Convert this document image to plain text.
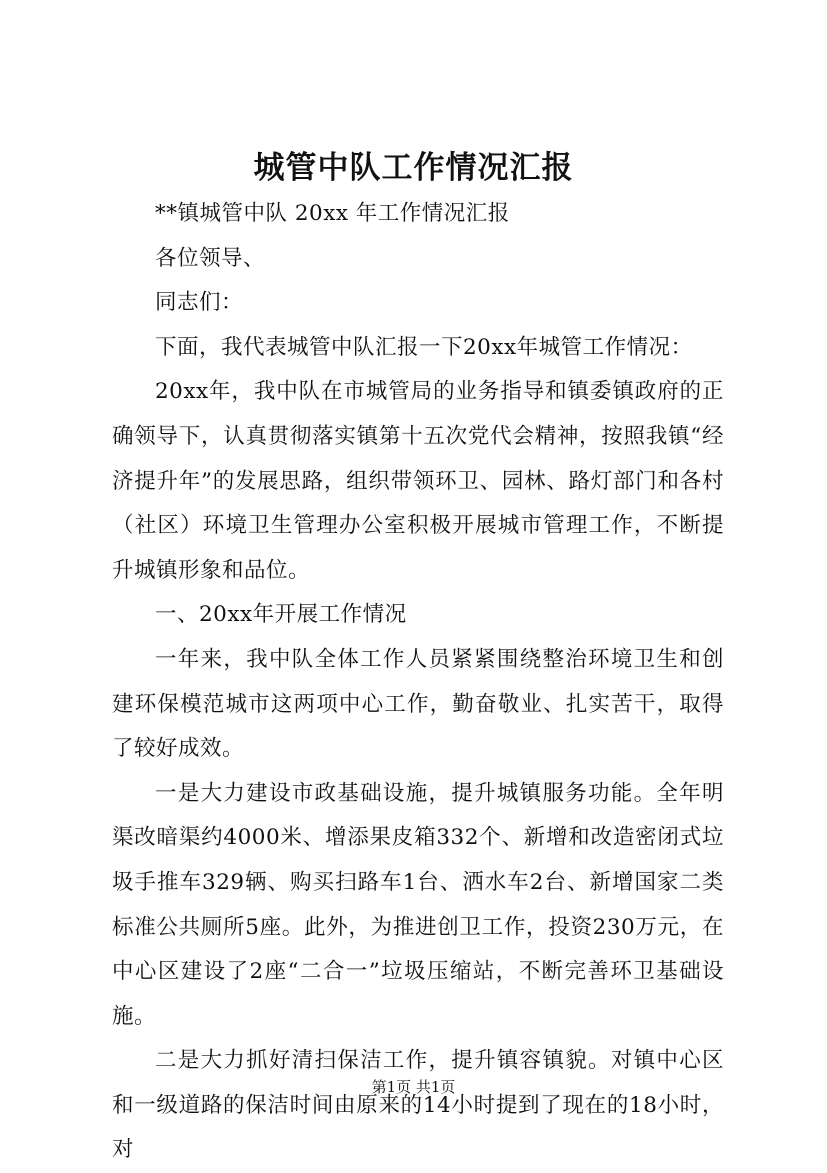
城管中队工作情况汇报

**镇城管中队 20xx 年工作情况汇报

各位领导、

同志们：

下面，我代表城管中队汇报一下20xx年城管工作情况：

20xx年，我中队在市城管局的业务指导和镇委镇政府的正确领导下，认真贯彻落实镇第十五次党代会精神，按照我镇“经济提升年”的发展思路，组织带领环卫、园林、路灯部门和各村（社区）环境卫生管理办公室积极开展城市管理工作，不断提升城镇形象和品位。

一、20xx年开展工作情况

一年来，我中队全体工作人员紧紧围绕整治环境卫生和创建环保模范城市这两项中心工作，勤奋敬业、扎实苦干，取得了较好成效。

一是大力建设市政基础设施，提升城镇服务功能。全年明渠改暗渠约4000米、增添果皮箱332个、新增和改造密闭式垃圾手推车329辆、购买扫路车1台、洒水车2台、新增国家二类标准公共厕所5座。此外，为推进创卫工作，投资230万元，在中心区建设了2座“二合一”垃圾压缩站，不断完善环卫基础设施。

二是大力抓好清扫保洁工作，提升镇容镇貌。对镇中心区和一级道路的保洁时间由原来的14小时提到了现在的18小时，对

第1页 共1页
